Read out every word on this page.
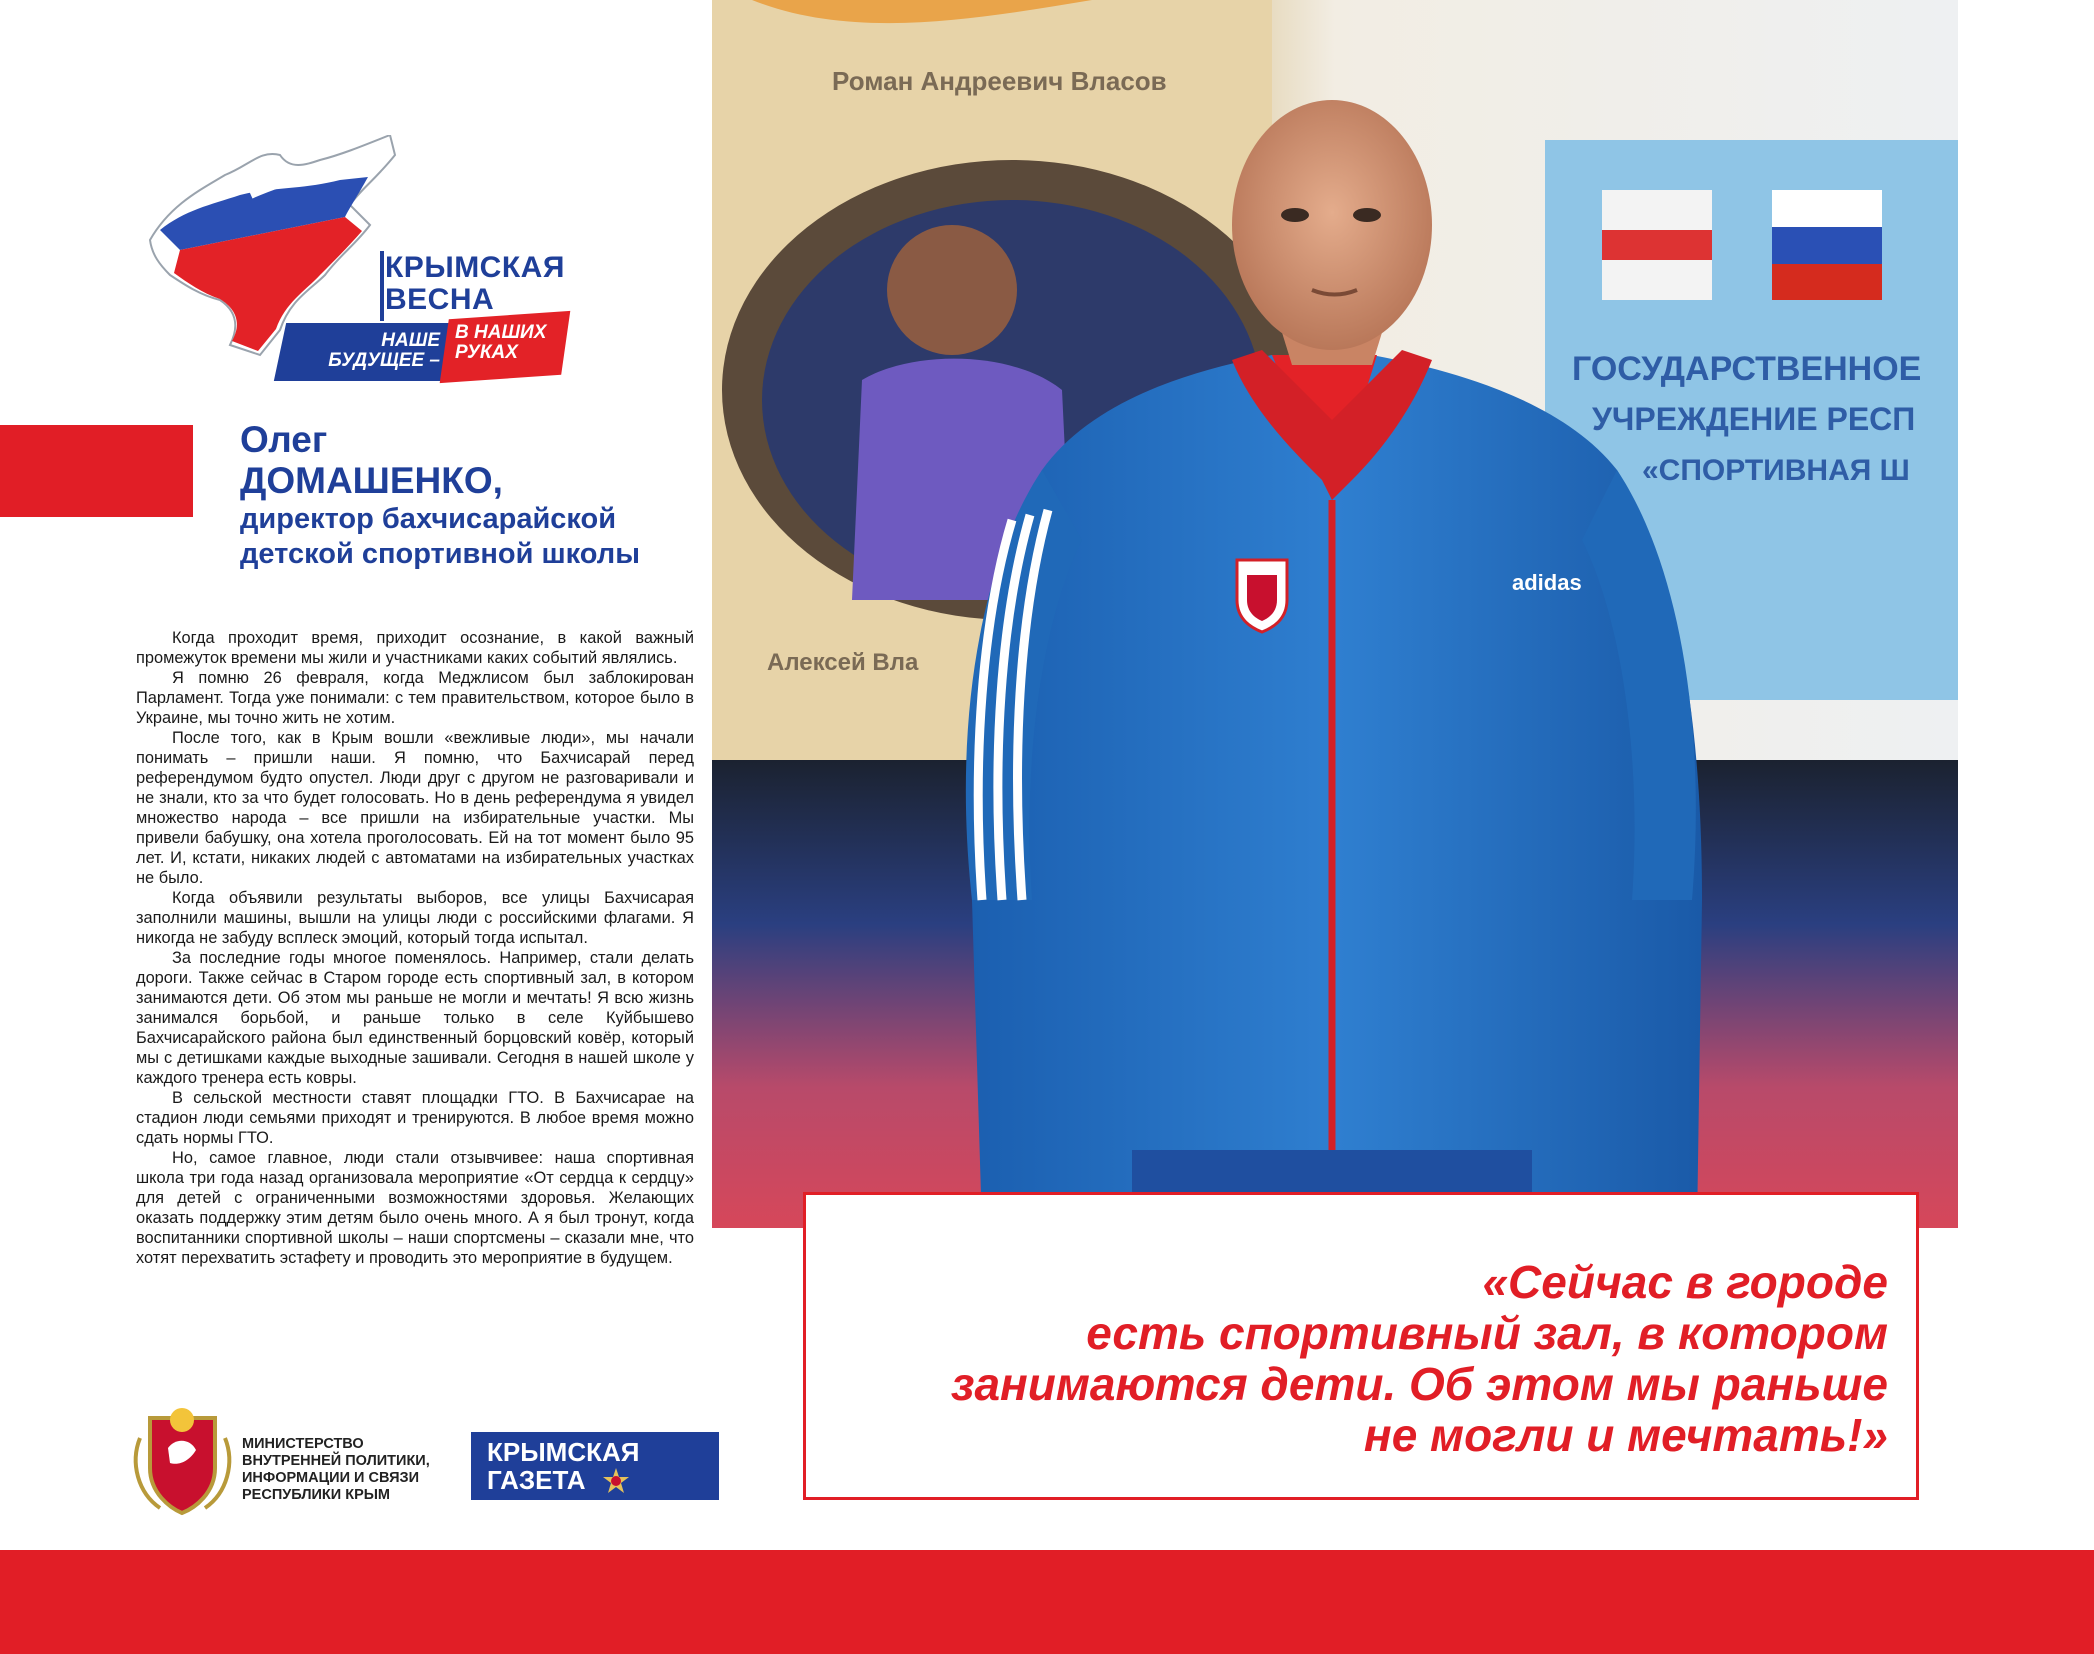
КРЫМСКАЯ
ВЕСНА
НАШЕ
БУДУЩЕЕ –
В НАШИХ
РУКАХ
Олег
ДОМАШЕНКО,
директор бахчисарайской детской спортивной школы

Когда проходит время, приходит осознание, в какой важный промежуток времени мы жили и участниками каких событий являлись.

Я помню 26 февраля, когда Меджлисом был заблокирован Парламент. Тогда уже понимали: с тем правительством, которое было в Украине, мы точно жить не хотим.

После того, как в Крым вошли «вежливые люди», мы начали понимать – пришли наши. Я помню, что Бахчисарай перед референдумом будто опустел. Люди друг с другом не разговаривали и не знали, кто за что будет голосовать. Но в день референдума я увидел множество народа – все пришли на избирательные участки. Мы привели бабушку, она хотела проголосовать. Ей на тот момент было 95 лет. И, кстати, никаких людей с автоматами на избирательных участках не было.

Когда объявили результаты выборов, все улицы Бахчисарая заполнили машины, вышли на улицы люди с российскими флагами. Я никогда не забуду всплеск эмоций, который тогда испытал.

За последние годы многое поменялось. Например, стали делать дороги. Также сейчас в Старом городе есть спортивный зал, в котором занимаются дети. Об этом мы раньше не могли и мечтать! Я всю жизнь занимался борьбой, и раньше только в селе Куйбышево Бахчисарайского района был единственный борцовский ковёр, который мы с детишками каждые выходные зашивали. Сегодня в нашей школе у каждого тренера есть ковры.

В сельской местности ставят площадки ГТО. В Бахчисарае на стадион люди семьями приходят и тренируются. В любое время можно сдать нормы ГТО.

Но, самое главное, люди стали отзывчивее: наша спортивная школа три года назад организовала мероприятие «От сердца к сердцу» для детей с ограниченными возможностями здоровья. Желающих оказать поддержку этим детям было очень много. А я был тронут, когда воспитанники спортивной школы – наши спортсмены – сказали мне, что хотят перехватить эстафету и проводить это мероприятие в будущем.

МИНИСТЕРСТВО
ВНУТРЕННЕЙ ПОЛИТИКИ,
ИНФОРМАЦИИ И СВЯЗИ
РЕСПУБЛИКИ КРЫМ
КРЫМСКАЯ
ГАЗЕТА
Роман Андреевич Власов
Алексей Вла
ГОСУДАРСТВЕННОЕ
УЧРЕЖДЕНИЕ РЕСП
«СПОРТИВНАЯ Ш
adidas
«Сейчас в городе
есть спортивный зал, в котором
занимаются дети. Об этом мы раньше
не могли и мечтать!»
